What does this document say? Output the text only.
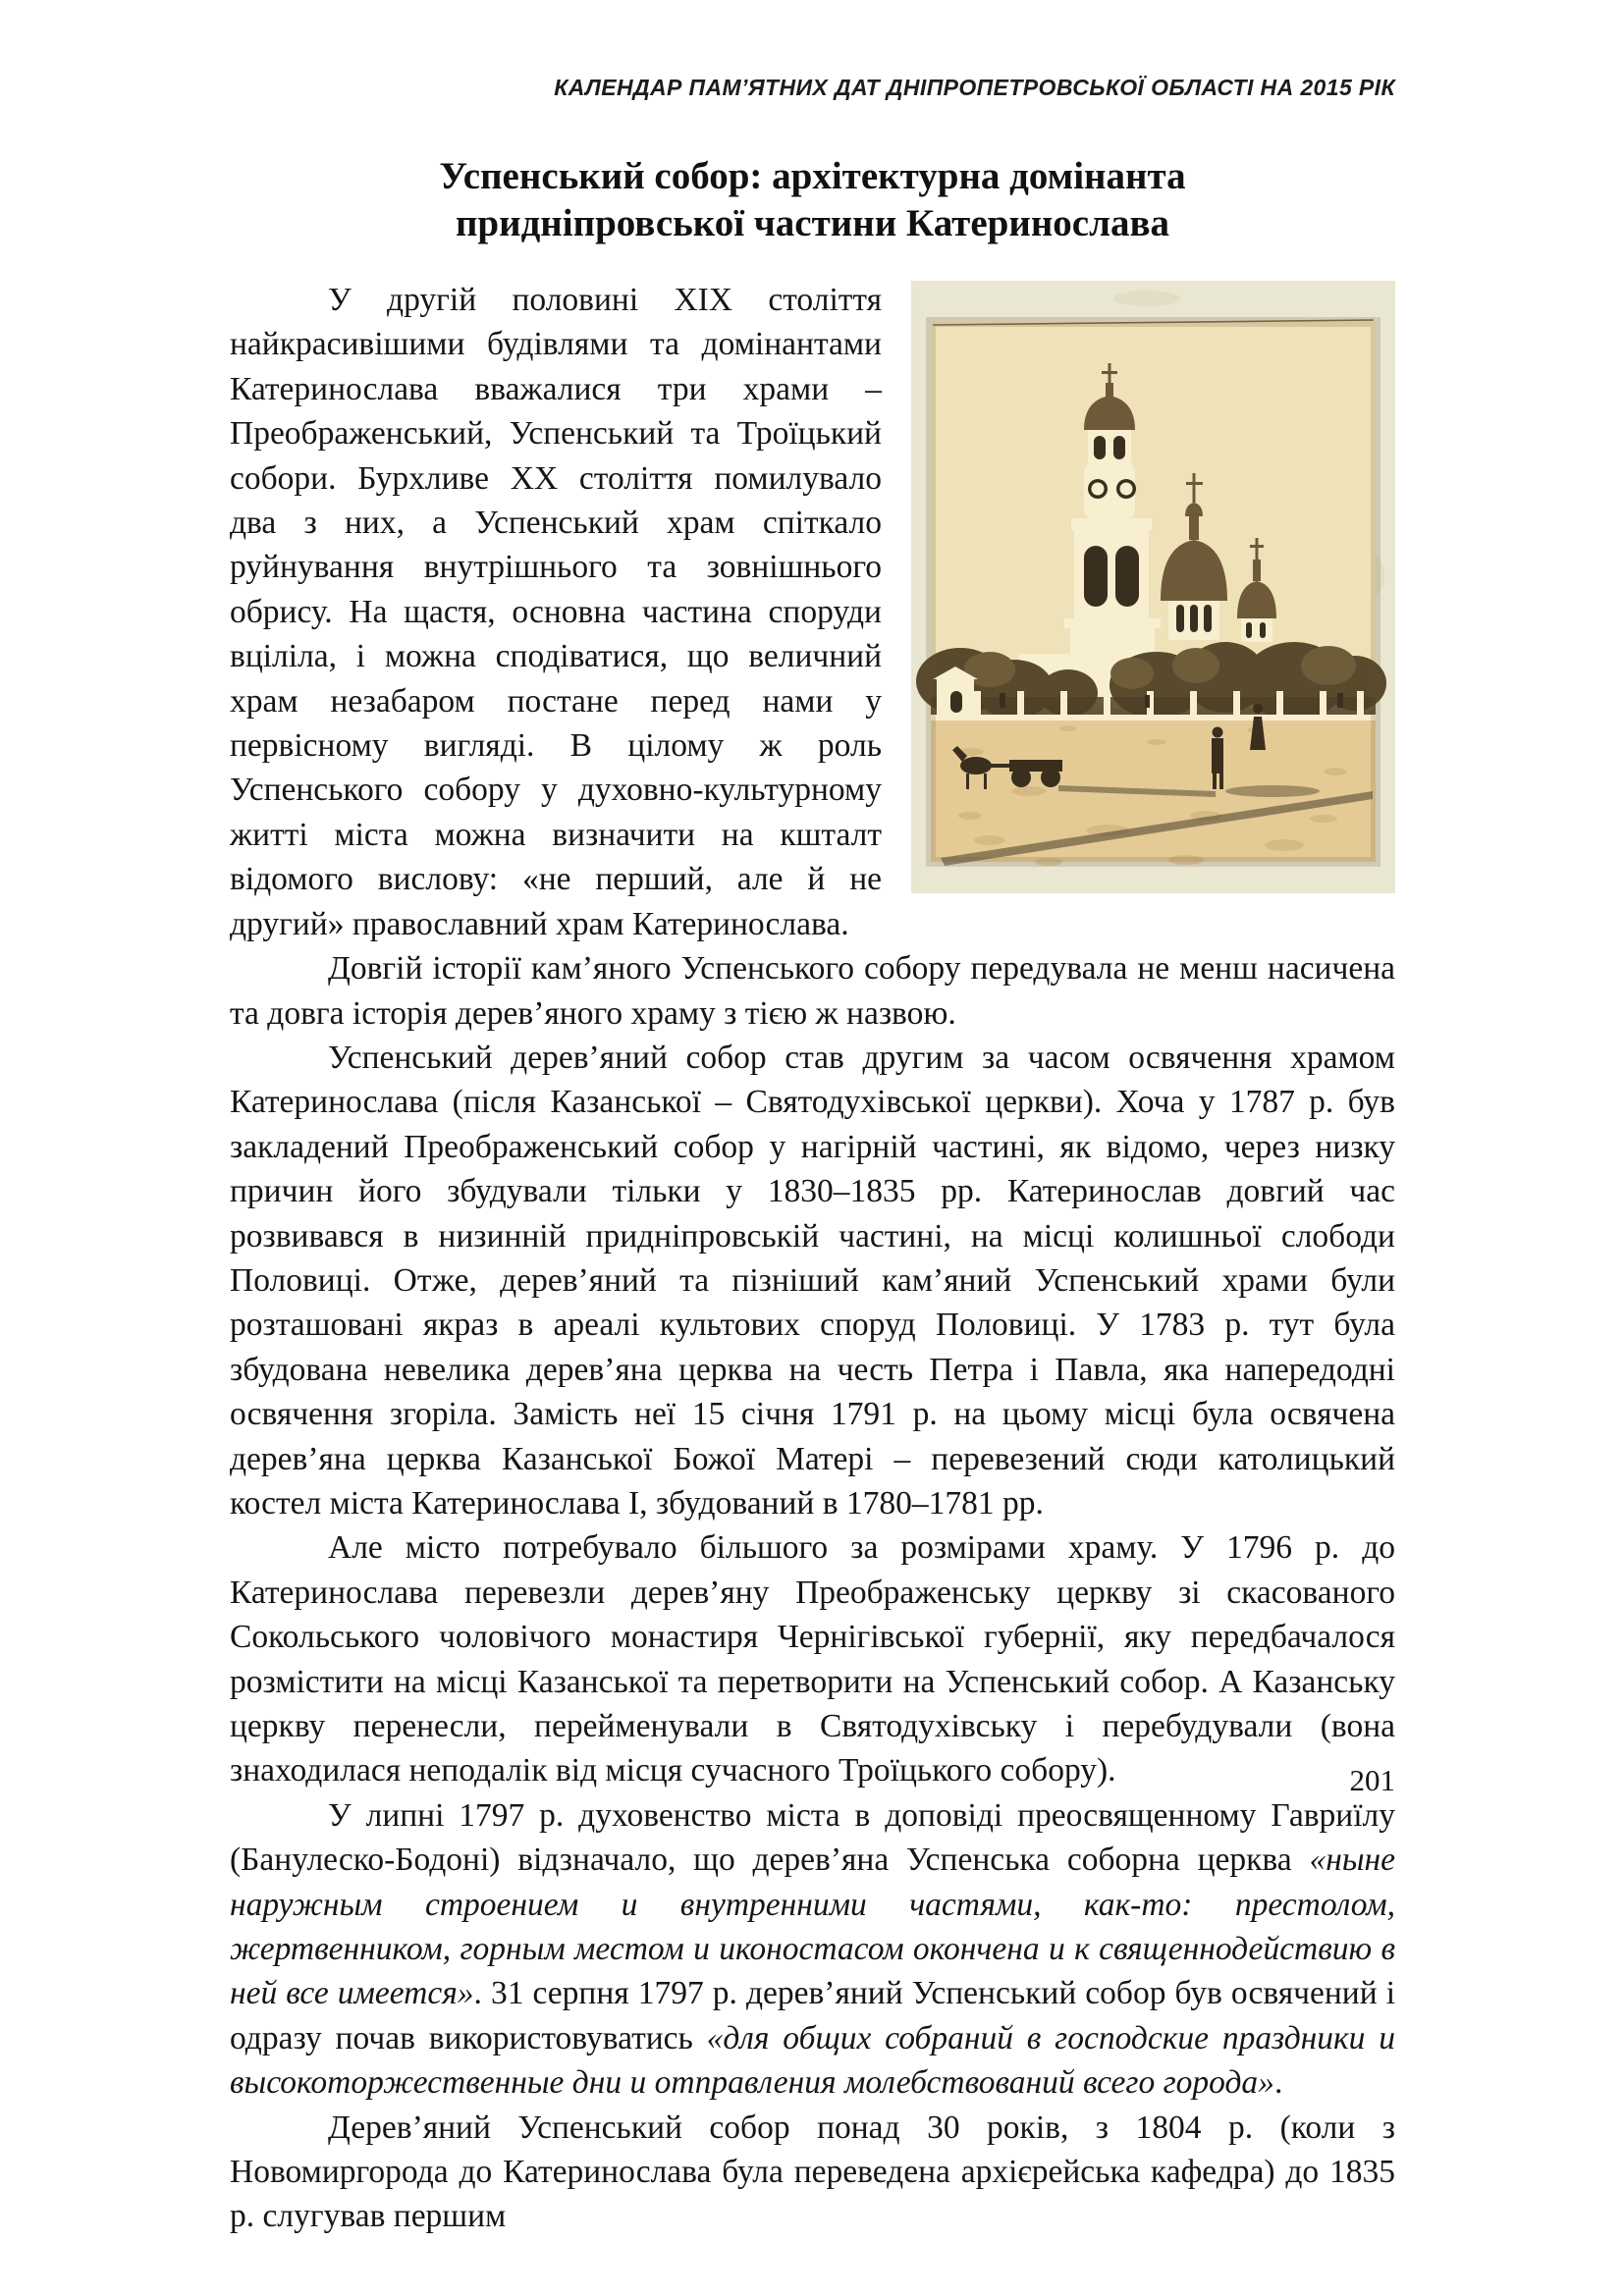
КАЛЕНДАР ПАМ’ЯТНИХ ДАТ ДНІПРОПЕТРОВСЬКОЇ ОБЛАСТІ НА 2015 РІК
Успенський собор: архітектурна домінанта
придніпровської частини Катеринослава

У другій половині ХІХ століття найкрасивішими будівлями та домінантами Катеринослава вважалися три храми – Преображенський, Успенський та Троїцький собори. Бурхливе ХХ століття помилувало два з них, а Успенський храм спіткало руйнування внутрішнього та зовнішнього обрису. На щастя, основна частина споруди вціліла, і можна сподіватися, що величний храм незабаром постане перед нами у первісному вигляді. В цілому ж роль Успенського собору у духовно-культурному житті міста можна визначити на кшталт відомого вислову: «не перший, але й не другий» православний храм Катеринослава.

Довгій історії кам’яного Успенського собору передувала не менш насичена та довга історія дерев’яного храму з тією ж назвою.

Успенський дерев’яний собор став другим за часом освячення храмом Катеринослава (після Казанської – Святодухівської церкви). Хоча у 1787 р. був закладений Преображенський собор у нагірній частині, як відомо, через низку причин його збудували тільки у 1830–1835 рр. Катеринослав довгий час розвивався в низинній придніпровській частині, на місці колишньої слободи Половиці. Отже, дерев’яний та пізніший кам’яний Успенський храми були розташовані якраз в ареалі культових споруд Половиці. У 1783 р. тут була збудована невелика дерев’яна церква на честь Петра і Павла, яка напередодні освячення згоріла. Замість неї 15 січня 1791 р. на цьому місці була освячена дерев’яна церква Казанської Божої Матері – перевезений сюди католицький костел міста Катеринослава I, збудований в 1780–1781 рр.

Але місто потребувало більшого за розмірами храму. У 1796 р. до Катеринослава перевезли дерев’яну Преображенську церкву зі скасованого Сокольського чоловічого монастиря Чернігівської губернії, яку передбачалося розмістити на місці Казанської та перетворити на Успенський собор. А Казанську церкву перенесли, перейменували в Святодухівську і перебудували (вона знаходилася неподалік від місця сучасного Троїцького собору).

У липні 1797 р. духовенство міста в доповіді преосвященному Гавриїлу (Банулеско-Бодоні) відзначало, що дерев’яна Успенська соборна церква «ныне наружным строением и внутренними частями, как-то: престолом, жертвенником, горным местом и иконостасом окончена и к священнодействию в ней все имеется». 31 серпня 1797 р. дерев’яний Успенський собор був освячений і одразу почав використовуватись «для общих собраний в господские праздники и высокоторжественные дни и отправления молебствований всего города».

Дерев’яний Успенський собор понад 30 років, з 1804 р. (коли з Новомиргорода до Катеринослава була переведена архієрейська кафедра) до 1835 р. слугував першим

201
